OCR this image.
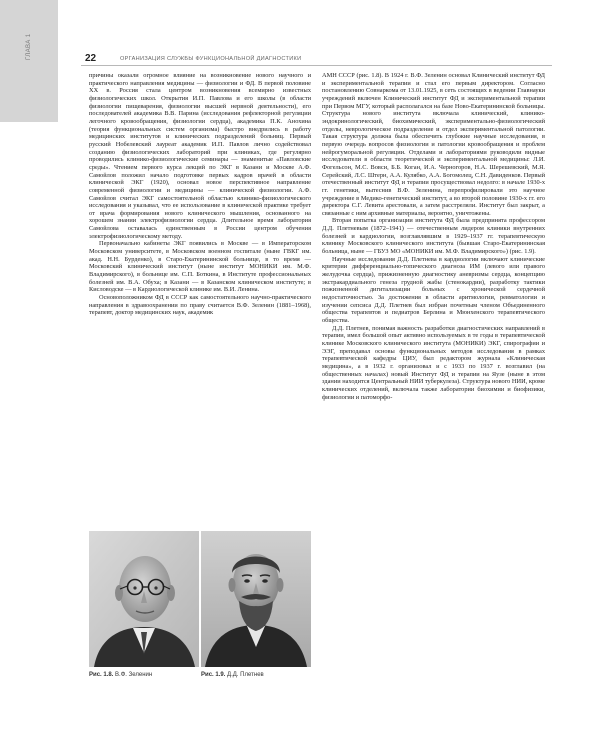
ГЛАВА 1	22	ОРГАНИЗАЦИЯ СЛУЖБЫ ФУНКЦИОНАЛЬНОЙ ДИАГНОСТИКИ

причины оказали огромное влияние на возникновение нового научного и практического направления медицины — физиологии и ФД. В первой половине XX в. Россия стала центром возникновения всемирно известных физиологических школ. Открытия И.П. Павлова и его школы (в области физиологии пищеварения, физиологии высшей нервной деятельности), его последователей академика В.В. Парина (исследования рефлекторной регуляции легочного кровообращения, физиологии сердца), академика П.К. Анохина (теория функциональных систем организма) быстро внедрились в работу медицинских институтов и клинических подразделений больниц. Первый русский Нобелевский лауреат академик И.П. Павлов лично содействовал созданию физиологических лабораторий при клиниках, где регулярно проводились клинико-физиологические семинары — знаменитые «Павловские среды». Чтением первого курса лекций по ЭКГ в Казани и Москве А.Ф. Самойлов положил начало подготовке первых кадров врачей в области клинической ЭКГ (1920), основал новое перспективное направление современной физиологии и медицины — клинической физиологии. А.Ф. Самойлов считал ЭКГ самостоятельной областью клинико-физиологического исследования и указывал, что ее использование в клинической практике требует от врача формирования нового клинического мышления, основанного на хорошем знании электрофизиологии сердца. Длительное время лаборатория Самойлова оставалась единственным в России центром обучения электрофизиологическому методу.

Первоначально кабинеты ЭКГ появились в Москве — в Императорском Московском университете, в Московском военном госпитале (ныне ГВКГ им. акад. Н.Н. Бурденко), в Старо-Екатерининской больнице, в то время — Московский клинический институт (ныне институт МОНИКИ им. М.Ф. Владимирского), в больнице им. С.П. Боткина, в Институте профессиональных болезней им. В.А. Обуха; в Казани — в Казанском клиническом институте; в Кисловодске — в Кардиологической клинике им. В.И. Ленина.

Основоположником ФД в СССР как самостоятельного научно-практического направления в здравоохранении по праву считается В.Ф. Зеленин (1881–1968), терапевт, доктор медицинских наук, академик

АМН СССР (рис. 1.8). В 1924 г. В.Ф. Зеленин основал Клинический институт ФД и экспериментальной терапии и стал его первым директором. Согласно постановлению Совнаркома от 13.01.1925, в сеть состоящих в ведении Главнауки учреждений включен Клинический институт ФД и экспериментальной терапии при Первом МГУ, который располагался на базе Ново-Екатерининской больницы. Структура нового института включала клинический, клинико-эндокринологический, биохимический, экспериментально-физиологический отделы, неврологическое подразделение и отдел экспериментальной патологии. Такая структура должна была обеспечить глубокие научные исследования, в первую очередь вопросов физиологии и патологии кровообращения и проблем нейрогуморальной регуляции. Отделами и лабораториями руководили видные исследователи в области теоретической и экспериментальной медицины: Л.И. Фогельсон, М.С. Вовси, Б.Б. Коган, И.А. Черногоров, Н.А. Шерешевский, М.Я. Серейский, Л.С. Штерн, А.А. Кулябко, А.А. Богомолец, С.Н. Давиденков. Первый отечественный институт ФД и терапии просуществовал недолго: в начале 1930-х гг. генетики, вытеснив В.Ф. Зеленина, перепрофилировали это научное учреждение в Медико-генетический институт, а во второй половине 1930-х гг. его директора С.Г. Левита арестовали, а затем расстреляли. Институт был закрыт, а связанные с ним архивные материалы, вероятно, уничтожены.

Вторая попытка организации института ФД была предпринята профессором Д.Д. Плетневым (1872–1941) — отечественным лидером клиники внутренних болезней и кардиологии, возглавлявшим в 1929–1937 гг. терапевтическую клинику Московского клинического института (бывшая Старо-Екатерининская больница, ныне — ГБУЗ МО «МОНИКИ им. М.Ф. Владимирского») (рис. 1.9).

Научные исследования Д.Д. Плетнева в кардиологии включают клинические критерии дифференциально-топического диагноза ИМ (левого или правого желудочка сердца), прижизненную диагностику аневризмы сердца, концепцию экстракардиального генеза грудной жабы (стенокардии), разработку тактики пожизненной дигитализации больных с хронической сердечной недостаточностью. За достижения в области аритмологии, ревматологии и изучении сепсиса Д.Д. Плетнев был избран почетным членом Объединенного общества терапевтов и педиатров Берлина и Мюнхенского терапевтического общества.

Д.Д. Плетнев, понимая важность разработки диагностических направлений в терапии, имел большой опыт активно используемых в те годы в терапевтической клинике Московского клинического института (МОНИКИ) ЭКГ, спирографии и ЭЭГ, преподавал основы функциональных методов исследования в рамках терапевтической кафедры ЦИУ, был редактором журнала «Клиническая медицина», а в 1932 г. организовал и с 1933 по 1937 г. возглавил (на общественных началах) новый Институт ФД и терапии на Яузе (ныне в этом здании находится Центральный НИИ туберкулеза). Структура нового НИИ, кроме клинических отделений, включала также лаборатории биохимии и биофизики, физиологии и патоморфо-

Рис. 1.8. В.Ф. Зеленин	Рис. 1.9. Д.Д. Плетнев
